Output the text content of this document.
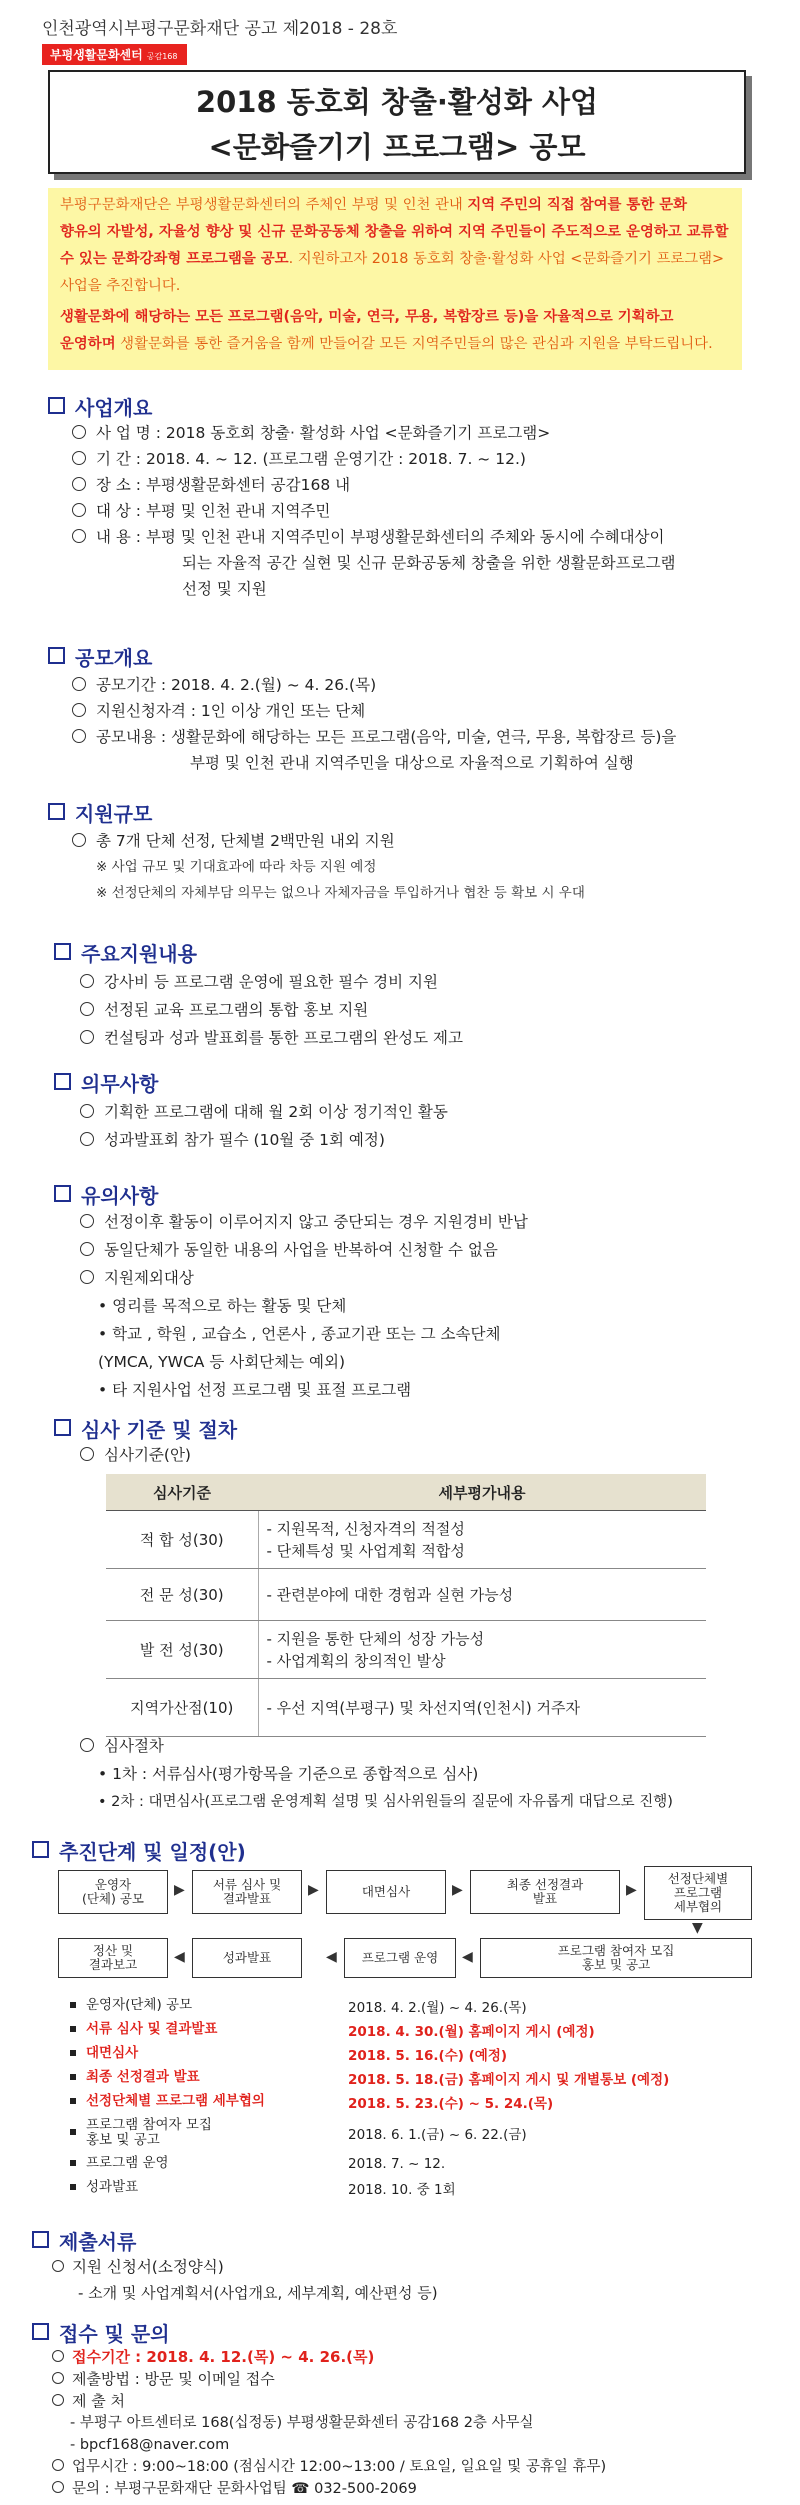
인천광역시부평구문화재단 공고 제2018 - 28호
부평생활문화센터 공감168
2018 동호회 창출·활성화 사업
<문화즐기기 프로그램> 공모

부평구문화재단은 부평생활문화센터의 주체인 부평 및 인천 관내 지역 주민의 직접 참여를 통한 문화 향유의 자발성, 자율성 향상 및 신규 문화공동체 창출을 위하여 지역 주민들이 주도적으로 운영하고 교류할 수 있는 문화강좌형 프로그램을 공모. 지원하고자 2018 동호회 창출·활성화 사업 <문화즐기기 프로그램> 사업을 추진합니다.

생활문화에 해당하는 모든 프로그램(음악, 미술, 연극, 무용, 복합장르 등)을 자율적으로 기획하고 운영하며 생활문화를 통한 즐거움을 함께 만들어갈 모든 지역주민들의 많은 관심과 지원을 부탁드립니다.

사업개요
사 업 명 : 2018 동호회 창출· 활성화 사업 <문화즐기기 프로그램>
기 간 : 2018. 4. ~ 12. (프로그램 운영기간 : 2018. 7. ~ 12.)
장 소 : 부평생활문화센터 공감168 내
대 상 : 부평 및 인천 관내 지역주민
내 용 : 부평 및 인천 관내 지역주민이 부평생활문화센터의 주체와 동시에 수혜대상이
되는 자율적 공간 실현 및 신규 문화공동체 창출을 위한 생활문화프로그램
선정 및 지원
공모개요
공모기간 : 2018. 4. 2.(월) ~ 4. 26.(목)
지원신청자격 : 1인 이상 개인 또는 단체
공모내용 : 생활문화에 해당하는 모든 프로그램(음악, 미술, 연극, 무용, 복합장르 등)을
부평 및 인천 관내 지역주민을 대상으로 자율적으로 기획하여 실행
지원규모
총 7개 단체 선정, 단체별 2백만원 내외 지원
※ 사업 규모 및 기대효과에 따라 차등 지원 예정
※ 선정단체의 자체부담 의무는 없으나 자체자금을 투입하거나 협찬 등 확보 시 우대
주요지원내용
강사비 등 프로그램 운영에 필요한 필수 경비 지원
선정된 교육 프로그램의 통합 홍보 지원
컨설팅과 성과 발표회를 통한 프로그램의 완성도 제고
의무사항
기획한 프로그램에 대해 월 2회 이상 정기적인 활동
성과발표회 참가 필수 (10월 중 1회 예정)
유의사항
선정이후 활동이 이루어지지 않고 중단되는 경우 지원경비 반납
동일단체가 동일한 내용의 사업을 반복하여 신청할 수 없음
지원제외대상
• 영리를 목적으로 하는 활동 및 단체
• 학교 , 학원 , 교습소 , 언론사 , 종교기관 또는 그 소속단체
(YMCA, YWCA 등 사회단체는 예외)
• 타 지원사업 선정 프로그램 및 표절 프로그램
심사 기준 및 절차
심사기준(안)
심사기준	세부평가내용
적 합 성(30)	- 지원목적, 신청자격의 적절성
- 단체특성 및 사업계획 적합성

전 문 성(30)	- 관련분야에 대한 경험과 실현 가능성

발 전 성(30)	- 지원을 통한 단체의 성장 가능성
- 사업계획의 창의적인 발상

지역가산점(10)	- 우선 지역(부평구) 및 차선지역(인천시) 거주자
심사절차
• 1차 : 서류심사(평가항목을 기준으로 종합적으로 심사)
• 2차 : 대면심사(프로그램 운영계획 설명 및 심사위원들의 질문에 자유롭게 대답으로 진행)
추진단계 및 일정(안)
운영자
(단체) 공모
▶	서류 심사 및
결과발표
▶	대면심사	▶	최종 선정결과
발표
▶
선정단체별
프로그램
세부협의
▼
정산 및
결과보고	◀	성과발표	◀	프로그램 운영	◀	프로그램 참여자 모집
홍보 및 공고
운영자(단체) 공모	2018. 4. 2.(월) ~ 4. 26.(목)
서류 심사 및 결과발표	2018. 4. 30.(월) 홈페이지 게시 (예정)
대면심사	2018. 5. 16.(수) (예정)
최종 선정결과 발표	2018. 5. 18.(금) 홈페이지 게시 및 개별통보 (예정)
선정단체별 프로그램 세부협의	2018. 5. 23.(수) ~ 5. 24.(목)
프로그램 참여자 모집
홍보 및 공고	2018. 6. 1.(금) ~ 6. 22.(금)
프로그램 운영	2018. 7. ~ 12.
성과발표	2018. 10. 중 1회
제출서류
지원 신청서(소정양식)
- 소개 및 사업계획서(사업개요, 세부계획, 예산편성 등)
접수 및 문의
접수기간 : 2018. 4. 12.(목) ~ 4. 26.(목)
제출방법 : 방문 및 이메일 접수
제 출 처
- 부평구 아트센터로 168(십정동) 부평생활문화센터 공감168 2층 사무실
- bpcf168@naver.com
업무시간 : 9:00~18:00 (점심시간 12:00~13:00 / 토요일, 일요일 및 공휴일 휴무)
문의 : 부평구문화재단 문화사업팀 ☎ 032-500-2069
